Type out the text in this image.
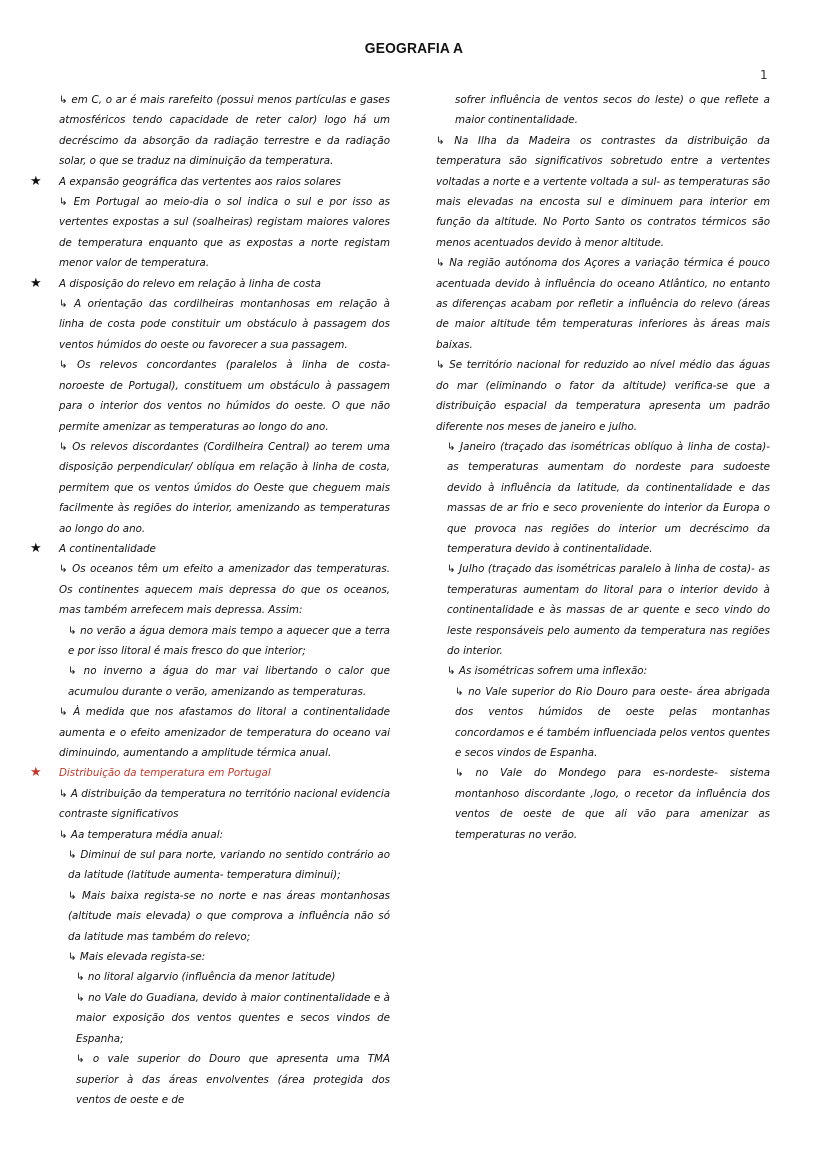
GEOGRAFIA A
1
↳ em C, o ar é mais rarefeito (possui menos partículas e gases atmosféricos tendo capacidade de reter calor) logo há um decréscimo da absorção da radiação terrestre e da radiação solar, o que se traduz na diminuição da temperatura.
★ A expansão geográfica das vertentes aos raios solares
↳ Em Portugal ao meio-dia o sol indica o sul e por isso as vertentes expostas a sul (soalheiras) registam maiores valores de temperatura enquanto que as expostas a norte registam menor valor de temperatura.
★ A disposição do relevo em relação à linha de costa
↳ A orientação das cordilheiras montanhosas em relação à linha de costa pode constituir um obstáculo à passagem dos ventos húmidos do oeste ou favorecer a sua passagem.
↳ Os relevos concordantes (paralelos à linha de costa- noroeste de Portugal), constituem um obstáculo à passagem para o interior dos ventos no húmidos do oeste. O que não permite amenizar as temperaturas ao longo do ano.
↳ Os relevos discordantes (Cordilheira Central) ao terem uma disposição perpendicular/ oblíqua em relação à linha de costa, permitem que os ventos úmidos do Oeste que cheguem mais facilmente às regiões do interior, amenizando as temperaturas ao longo do ano.
★ A continentalidade
↳ Os oceanos têm um efeito a amenizador das temperaturas. Os continentes aquecem mais depressa do que os oceanos, mas também arrefecem mais depressa. Assim:
↳ no verão a água demora mais tempo a aquecer que a terra e por isso litoral é mais fresco do que interior;
↳ no inverno a água do mar vai libertando o calor que acumulou durante o verão, amenizando as temperaturas.
↳ À medida que nos afastamos do litoral a continentalidade aumenta e o efeito amenizador de temperatura do oceano vai diminuindo, aumentando a amplitude térmica anual.
★ Distribuição da temperatura em Portugal
↳ A distribuição da temperatura no território nacional evidencia contraste significativos
↳ Aa temperatura média anual:
↳ Diminui de sul para norte, variando no sentido contrário ao da latitude (latitude aumenta- temperatura diminui);
↳ Mais baixa regista-se no norte e nas áreas montanhosas (altitude mais elevada) o que comprova a influência não só da latitude mas também do relevo;
↳ Mais elevada regista-se:
↳ no litoral algarvio (influência da menor latitude)
↳ no Vale do Guadiana, devido à maior continentalidade e à maior exposição dos ventos quentes e secos vindos de Espanha;
↳ o vale superior do Douro que apresenta uma TMA superior à das áreas envolventes (área protegida dos ventos de oeste e de
sofrer influência de ventos secos do leste) o que reflete a maior continentalidade.
↳ Na Ilha da Madeira os contrastes da distribuição da temperatura são significativos sobretudo entre a vertentes voltadas a norte e a vertente voltada a sul- as temperaturas são mais elevadas na encosta sul e diminuem para interior em função da altitude. No Porto Santo os contratos térmicos são menos acentuados devido à menor altitude.
↳ Na região autónoma dos Açores a variação térmica é pouco acentuada devido à influência do oceano Atlântico, no entanto as diferenças acabam por refletir a influência do relevo (áreas de maior altitude têm temperaturas inferiores às áreas mais baixas.
↳ Se território nacional for reduzido ao nível médio das águas do mar (eliminando o fator da altitude) verifica-se que a distribuição espacial da temperatura apresenta um padrão diferente nos meses de janeiro e julho.
↳ Janeiro (traçado das isométricas oblíquo à linha de costa)- as temperaturas aumentam do nordeste para sudoeste devido à influência da latitude, da continentalidade e das massas de ar frio e seco proveniente do interior da Europa o que provoca nas regiões do interior um decréscimo da temperatura devido à continentalidade.
↳ Julho (traçado das isométricas paralelo à linha de costa)- as temperaturas aumentam do litoral para o interior devido à continentalidade e às massas de ar quente e seco vindo do leste responsáveis pelo aumento da temperatura nas regiões do interior.
↳ As isométricas sofrem uma inflexão:
↳ no Vale superior do Rio Douro para oeste- área abrigada dos ventos húmidos de oeste pelas montanhas concordamos e é também influenciada pelos ventos quentes e secos vindos de Espanha.
↳ no Vale do Mondego para es-nordeste- sistema montanhoso discordante ,logo, o recetor da influência dos ventos de oeste de que ali vão para amenizar as temperaturas no verão.
